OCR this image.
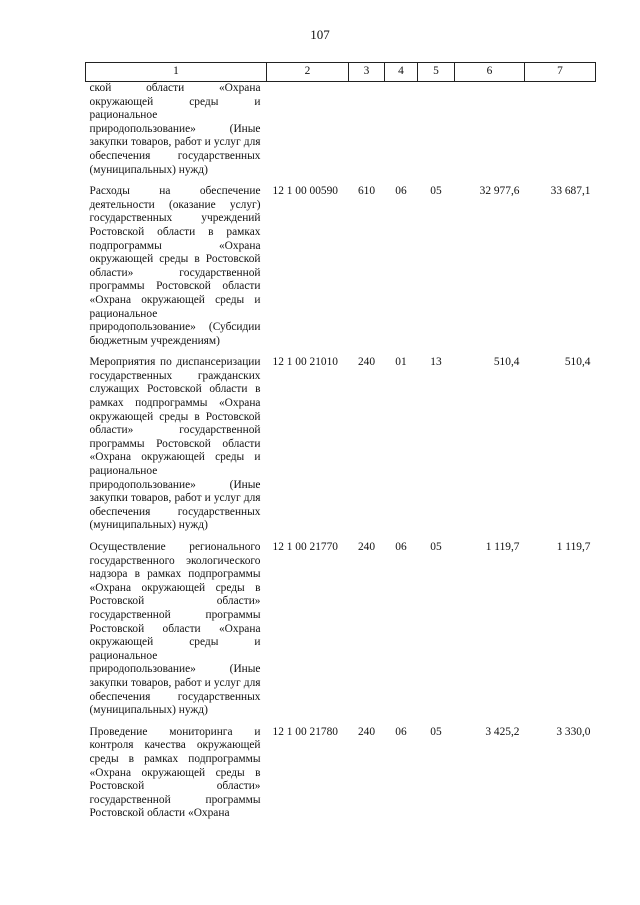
107
1	2	3	4	5	6	7
ской области «Охрана окружающей среды и рациональное природопользование» (Иные закупки товаров, работ и услуг для обеспечения государственных (муниципальных) нужд)						
Расходы на обеспечение деятельности (оказание услуг) государственных учреждений Ростовской области в рамках подпрограммы «Охрана окружающей среды в Ростовской области» государственной программы Ростовской области «Охрана окружающей среды и рациональное природопользование» (Субсидии бюджетным учреждениям)	12 1 00 00590	610	06	05	32 977,6	33 687,1
Мероприятия по диспансеризации государственных гражданских служащих Ростовской области в рамках подпрограммы «Охрана окружающей среды в Ростовской области» государственной программы Ростовской области «Охрана окружающей среды и рациональное природопользование» (Иные закупки товаров, работ и услуг для обеспечения государственных (муниципальных) нужд)	12 1 00 21010	240	01	13	510,4	510,4
Осуществление регионального государственного экологического надзора в рамках подпрограммы «Охрана окружающей среды в Ростовской области» государственной программы Ростовской области «Охрана окружающей среды и рациональное природопользование» (Иные закупки товаров, работ и услуг для обеспечения государственных (муниципальных) нужд)	12 1 00 21770	240	06	05	1 119,7	1 119,7
Проведение мониторинга и контроля качества окружающей среды в рамках подпрограммы «Охрана окружающей среды в Ростовской области» государственной программы Ростовской области «Охрана	12 1 00 21780	240	06	05	3 425,2	3 330,0
